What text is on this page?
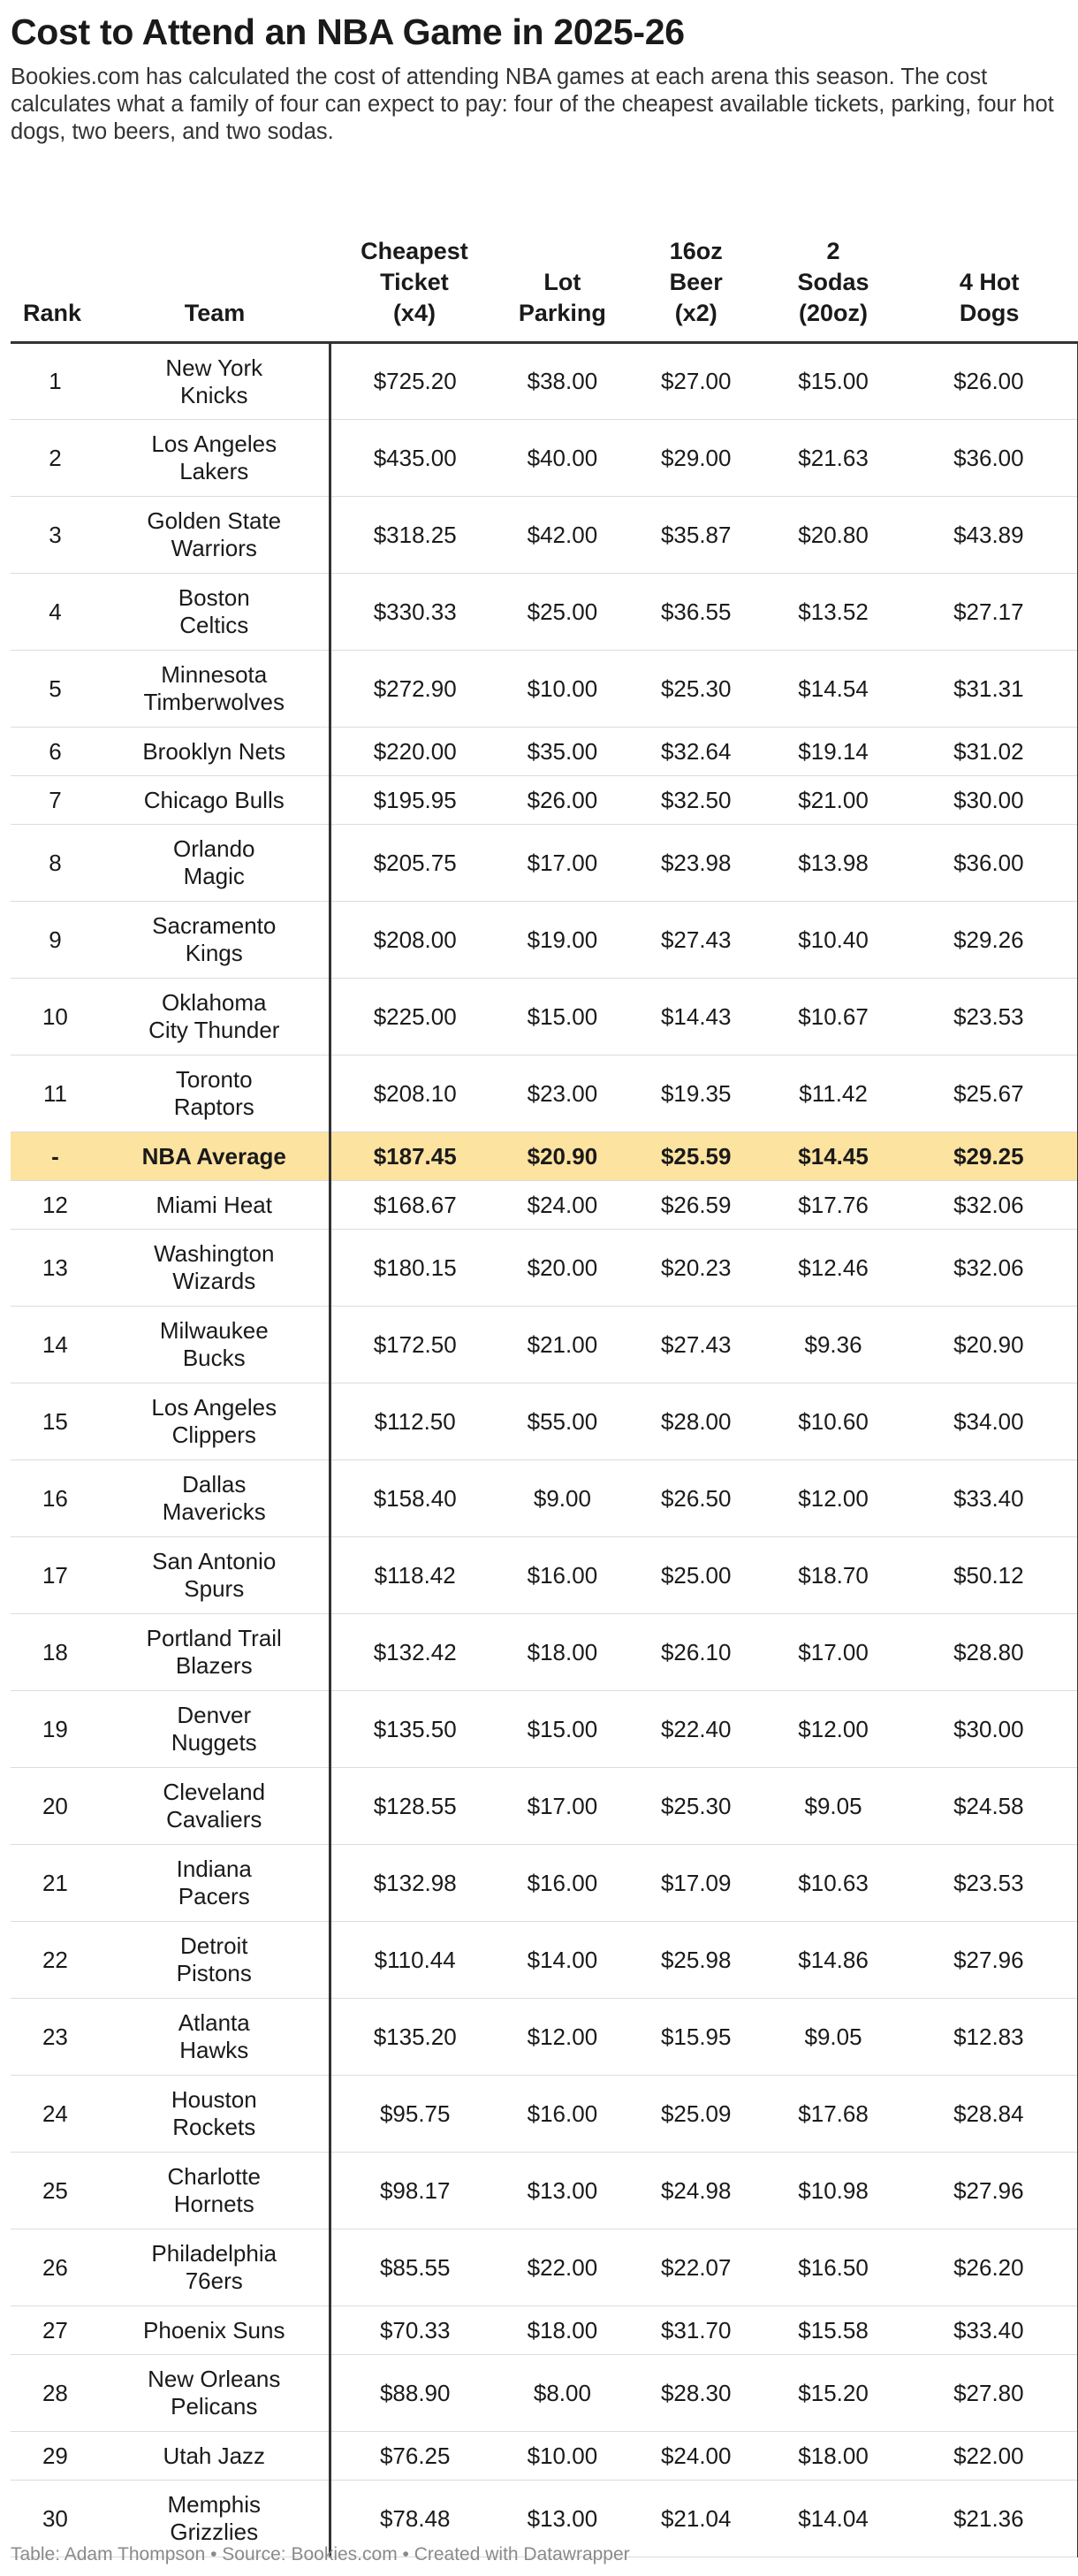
Cost to Attend an NBA Game in 2025-26

Bookies.com has calculated the cost of attending NBA games at each arena this season. The cost calculates what a family of four can expect to pay: four of the cheapest available tickets, parking, four hot dogs, two beers, and two sodas.

Rank	Team	Cheapest
Ticket
(x4)	Lot
Parking	16oz
Beer
(x2)	2
Sodas
(20oz)	4 Hot
Dogs
1	New York
Knicks	$725.20	$38.00	$27.00	$15.00	$26.00
2	Los Angeles
Lakers	$435.00	$40.00	$29.00	$21.63	$36.00
3	Golden State
Warriors	$318.25	$42.00	$35.87	$20.80	$43.89
4	Boston
Celtics	$330.33	$25.00	$36.55	$13.52	$27.17
5	Minnesota
Timberwolves	$272.90	$10.00	$25.30	$14.54	$31.31
6	Brooklyn Nets	$220.00	$35.00	$32.64	$19.14	$31.02
7	Chicago Bulls	$195.95	$26.00	$32.50	$21.00	$30.00
8	Orlando
Magic	$205.75	$17.00	$23.98	$13.98	$36.00
9	Sacramento
Kings	$208.00	$19.00	$27.43	$10.40	$29.26
10	Oklahoma
City Thunder	$225.00	$15.00	$14.43	$10.67	$23.53
11	Toronto
Raptors	$208.10	$23.00	$19.35	$11.42	$25.67
-	NBA Average	$187.45	$20.90	$25.59	$14.45	$29.25
12	Miami Heat	$168.67	$24.00	$26.59	$17.76	$32.06
13	Washington
Wizards	$180.15	$20.00	$20.23	$12.46	$32.06
14	Milwaukee
Bucks	$172.50	$21.00	$27.43	$9.36	$20.90
15	Los Angeles
Clippers	$112.50	$55.00	$28.00	$10.60	$34.00
16	Dallas
Mavericks	$158.40	$9.00	$26.50	$12.00	$33.40
17	San Antonio
Spurs	$118.42	$16.00	$25.00	$18.70	$50.12
18	Portland Trail
Blazers	$132.42	$18.00	$26.10	$17.00	$28.80
19	Denver
Nuggets	$135.50	$15.00	$22.40	$12.00	$30.00
20	Cleveland
Cavaliers	$128.55	$17.00	$25.30	$9.05	$24.58
21	Indiana
Pacers	$132.98	$16.00	$17.09	$10.63	$23.53
22	Detroit
Pistons	$110.44	$14.00	$25.98	$14.86	$27.96
23	Atlanta
Hawks	$135.20	$12.00	$15.95	$9.05	$12.83
24	Houston
Rockets	$95.75	$16.00	$25.09	$17.68	$28.84
25	Charlotte
Hornets	$98.17	$13.00	$24.98	$10.98	$27.96
26	Philadelphia
76ers	$85.55	$22.00	$22.07	$16.50	$26.20
27	Phoenix Suns	$70.33	$18.00	$31.70	$15.58	$33.40
28	New Orleans
Pelicans	$88.90	$8.00	$28.30	$15.20	$27.80
29	Utah Jazz	$76.25	$10.00	$24.00	$18.00	$22.00
30	Memphis
Grizzlies	$78.48	$13.00	$21.04	$14.04	$21.36
Table: Adam Thompson • Source: Bookies.com • Created with Datawrapper
